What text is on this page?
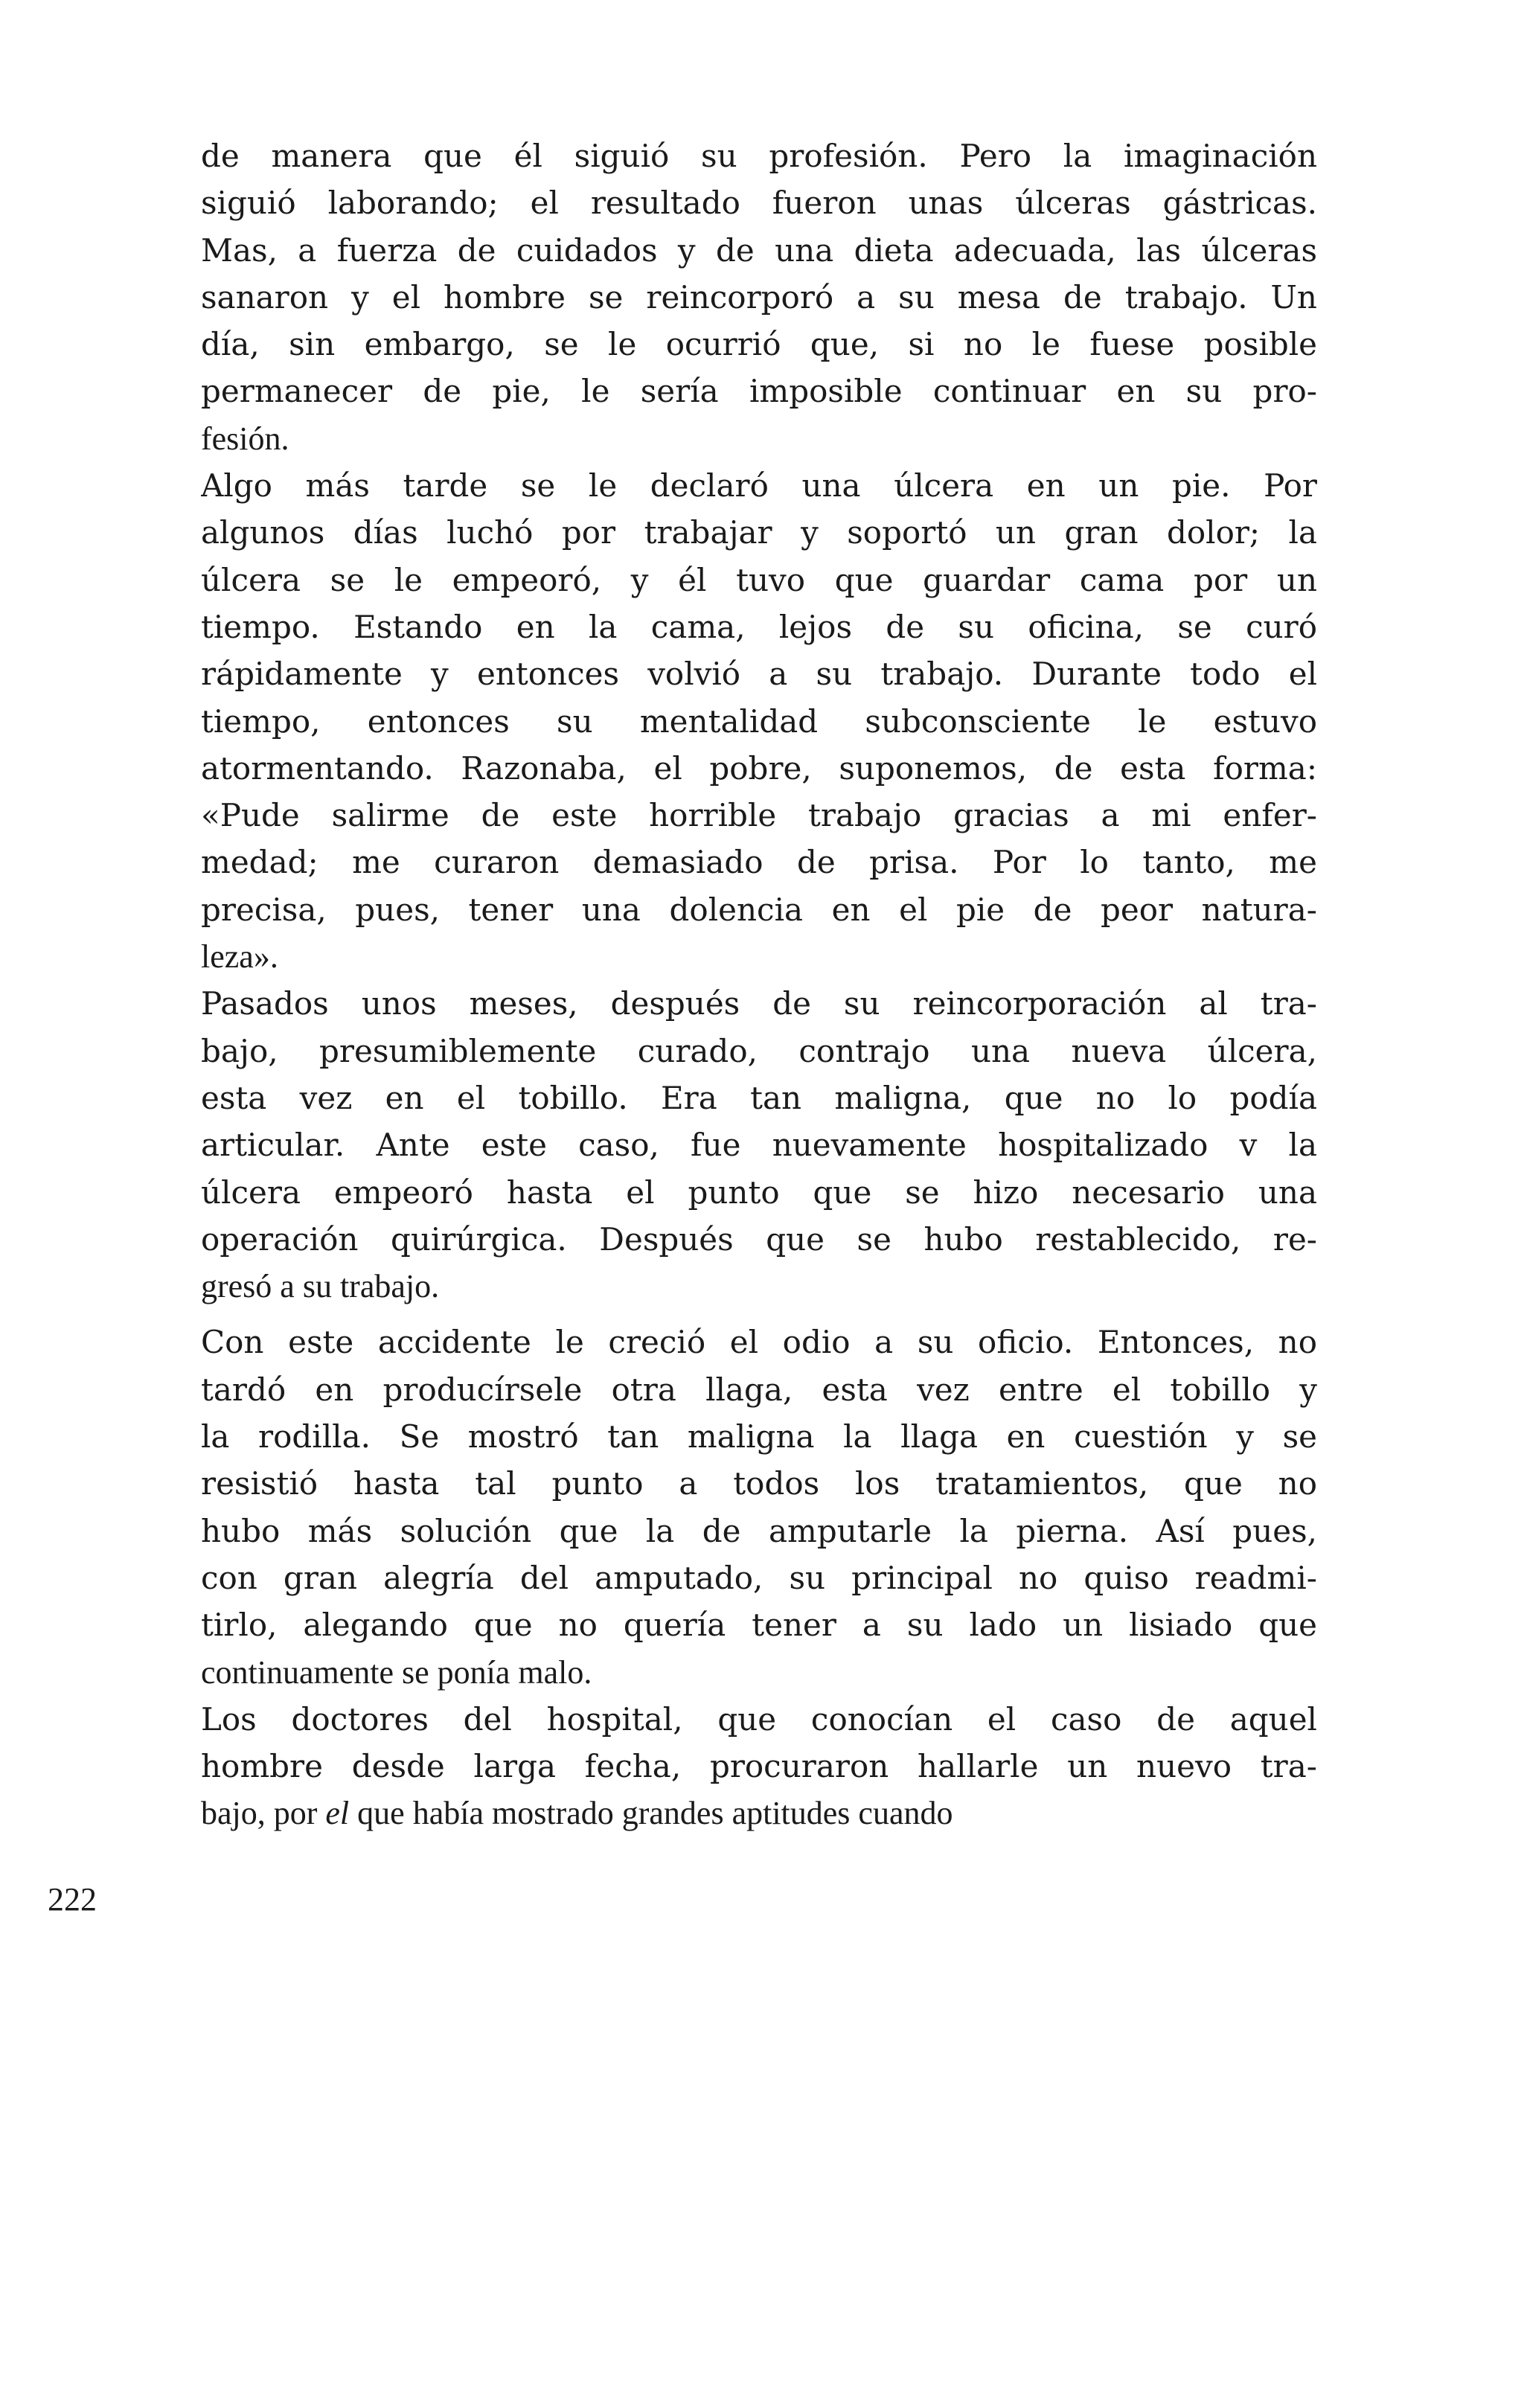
de manera que él siguió su profesión. Pero la imaginación
siguió laborando; el resultado fueron unas úlceras gástricas.
Mas, a fuerza de cuidados y de una dieta adecuada, las úlceras
sanaron y el hombre se reincorporó a su mesa de trabajo. Un
día, sin embargo, se le ocurrió que, si no le fuese posible
permanecer de pie, le sería imposible continuar en su pro-
fesión.
Algo más tarde se le declaró una úlcera en un pie. Por
algunos días luchó por trabajar y soportó un gran dolor; la
úlcera se le empeoró, y él tuvo que guardar cama por un
tiempo. Estando en la cama, lejos de su oficina, se curó
rápidamente y entonces volvió a su trabajo. Durante todo el
tiempo, entonces su mentalidad subconsciente le estuvo
atormentando. Razonaba, el pobre, suponemos, de esta forma:
«Pude salirme de este horrible trabajo gracias a mi enfer-
medad; me curaron demasiado de prisa. Por lo tanto, me
precisa, pues, tener una dolencia en el pie de peor natura-
leza».
Pasados unos meses, después de su reincorporación al tra-
bajo, presumiblemente curado, contrajo una nueva úlcera,
esta vez en el tobillo. Era tan maligna, que no lo podía
articular. Ante este caso, fue nuevamente hospitalizado v la
úlcera empeoró hasta el punto que se hizo necesario una
operación quirúrgica. Después que se hubo restablecido, re-
gresó a su trabajo.
Con este accidente le creció el odio a su oficio. Entonces, no
tardó en producírsele otra llaga, esta vez entre el tobillo y
la rodilla. Se mostró tan maligna la llaga en cuestión y se
resistió hasta tal punto a todos los tratamientos, que no
hubo más solución que la de amputarle la pierna. Así pues,
con gran alegría del amputado, su principal no quiso readmi-
tirlo, alegando que no quería tener a su lado un lisiado que
continuamente se ponía malo.
Los doctores del hospital, que conocían el caso de aquel
hombre desde larga fecha, procuraron hallarle un nuevo tra-
bajo, por el que había mostrado grandes aptitudes cuando
222
